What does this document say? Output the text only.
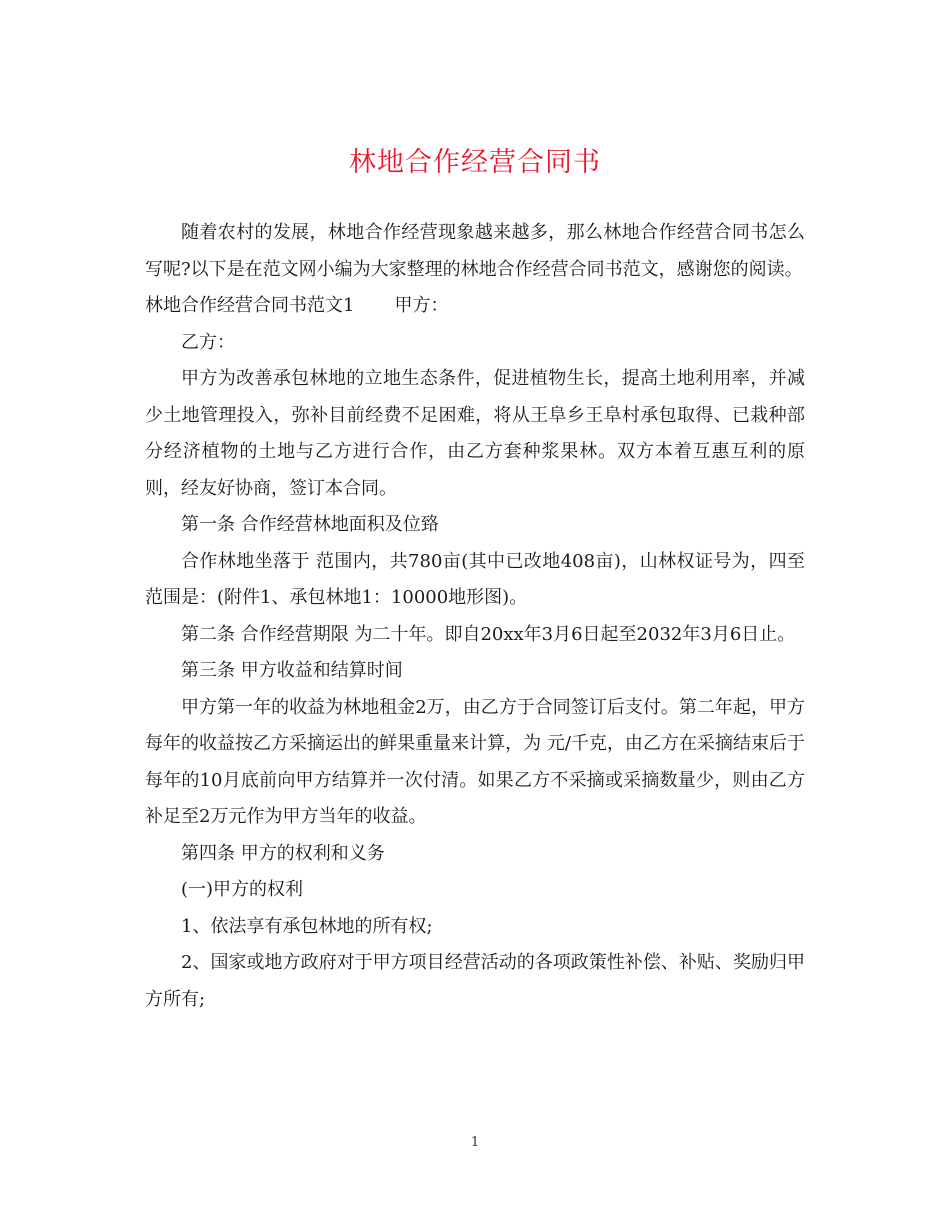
林地合作经营合同书

随着农村的发展，林地合作经营现象越来越多，那么林地合作经营合同书怎么写呢?以下是在范文网小编为大家整理的林地合作经营合同书范文，感谢您的阅读。

林地合作经营合同书范文1 甲方：

乙方：

甲方为改善承包林地的立地生态条件，促进植物生长，提高土地利用率，并减少土地管理投入，弥补目前经费不足困难，将从王阜乡王阜村承包取得、已栽种部分经济植物的土地与乙方进行合作，由乙方套种浆果林。双方本着互惠互利的原则，经友好协商，签订本合同。

第一条 合作经营林地面积及位臵

合作林地坐落于 范围内，共780亩(其中已改地408亩)，山林权证号为，四至范围是：(附件1、承包林地1：10000地形图)。

第二条 合作经营期限 为二十年。即自20xx年3月6日起至2032年3月6日止。

第三条 甲方收益和结算时间

甲方第一年的收益为林地租金2万，由乙方于合同签订后支付。第二年起，甲方每年的收益按乙方采摘运出的鲜果重量来计算，为 元/千克，由乙方在采摘结束后于每年的10月底前向甲方结算并一次付清。如果乙方不采摘或采摘数量少，则由乙方补足至2万元作为甲方当年的收益。

第四条 甲方的权利和义务

(一)甲方的权利

1、依法享有承包林地的所有权;

2、国家或地方政府对于甲方项目经营活动的各项政策性补偿、补贴、奖励归甲方所有;

1
